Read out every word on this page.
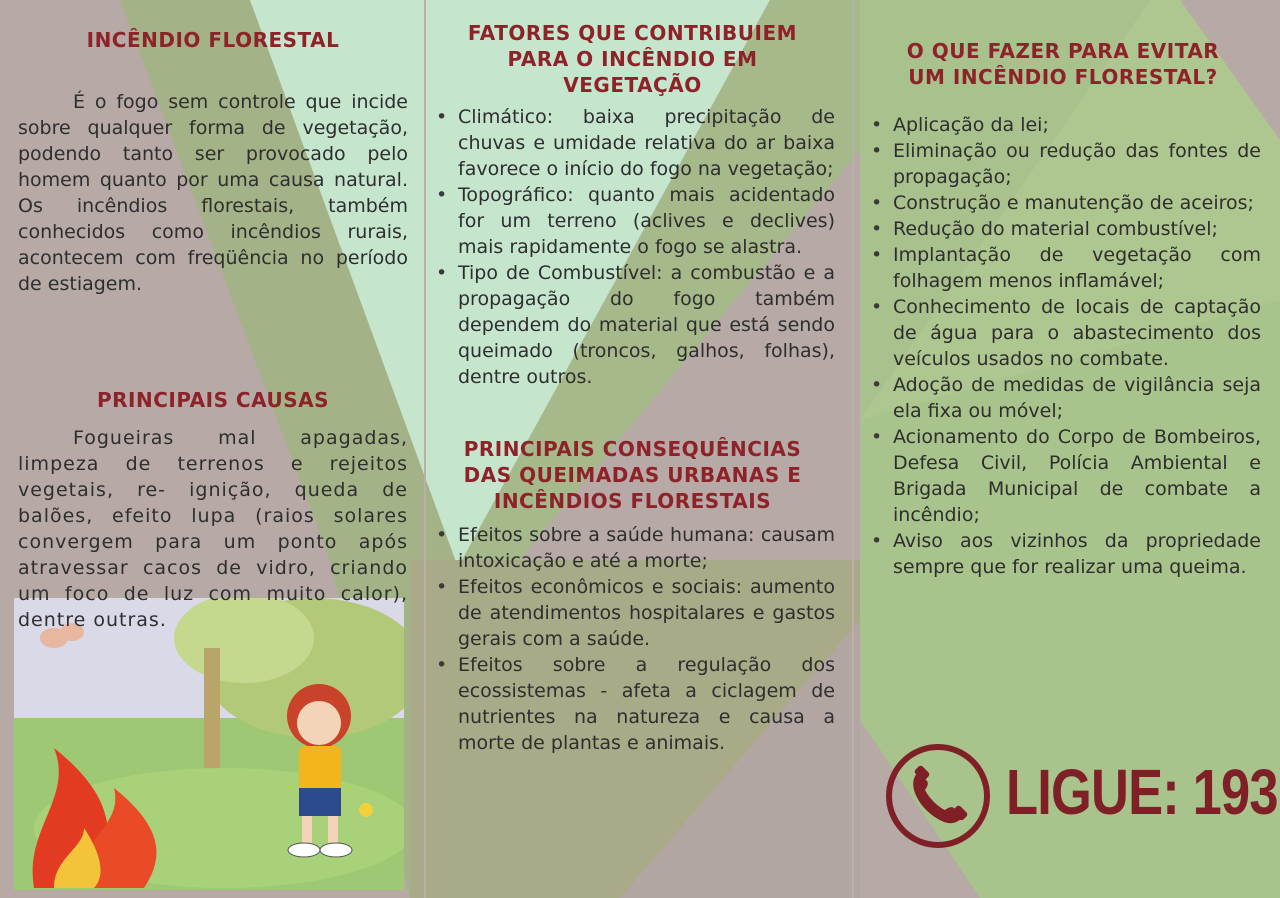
INCÊNDIO FLORESTAL

É o fogo sem controle que incide sobre qualquer forma de vegetação, podendo tanto ser provocado pelo homem quanto por uma causa natural. Os incêndios florestais, também conhecidos como incêndios rurais, acontecem com freqüência no período de estiagem.

PRINCIPAIS CAUSAS

Fogueiras mal apagadas, limpeza de terrenos e rejeitos vegetais, re- ignição, queda de balões, efeito lupa (raios solares convergem para um ponto após atravessar cacos de vidro, criando um foco de luz com muito calor), dentre outras.

FATORES QUE CONTRIBUIEM PARA O INCÊNDIO EM VEGETAÇÃO
• Climático: baixa precipitação de chuvas e umidade relativa do ar baixa favorece o início do fogo na vegetação;
• Topográfico: quanto mais acidentado for um terreno (aclives e declives) mais rapidamente o fogo se alastra.
• Tipo de Combustível: a combustão e a propagação do fogo também dependem do material que está sendo queimado (troncos, galhos, folhas), dentre outros.
PRINCIPAIS CONSEQUÊNCIAS DAS QUEIMADAS URBANAS E INCÊNDIOS FLORESTAIS
• Efeitos sobre a saúde humana: causam intoxicação e até a morte;
• Efeitos econômicos e sociais: aumento de atendimentos hospitalares e gastos gerais com a saúde.
• Efeitos sobre a regulação dos ecossistemas - afeta a ciclagem de nutrientes na natureza e causa a morte de plantas e animais.
O QUE FAZER PARA EVITAR UM INCÊNDIO FLORESTAL?
• Aplicação da lei;
• Eliminação ou redução das fontes de propagação;
• Construção e manutenção de aceiros;
• Redução do material combustível;
• Implantação de vegetação com folhagem menos inflamável;
• Conhecimento de locais de captação de água para o abastecimento dos veículos usados no combate.
• Adoção de medidas de vigilância seja ela fixa ou móvel;
• Acionamento do Corpo de Bombeiros, Defesa Civil, Polícia Ambiental e Brigada Municipal de combate a incêndio;
• Aviso aos vizinhos da propriedade sempre que for realizar uma queima.
LIGUE: 193
